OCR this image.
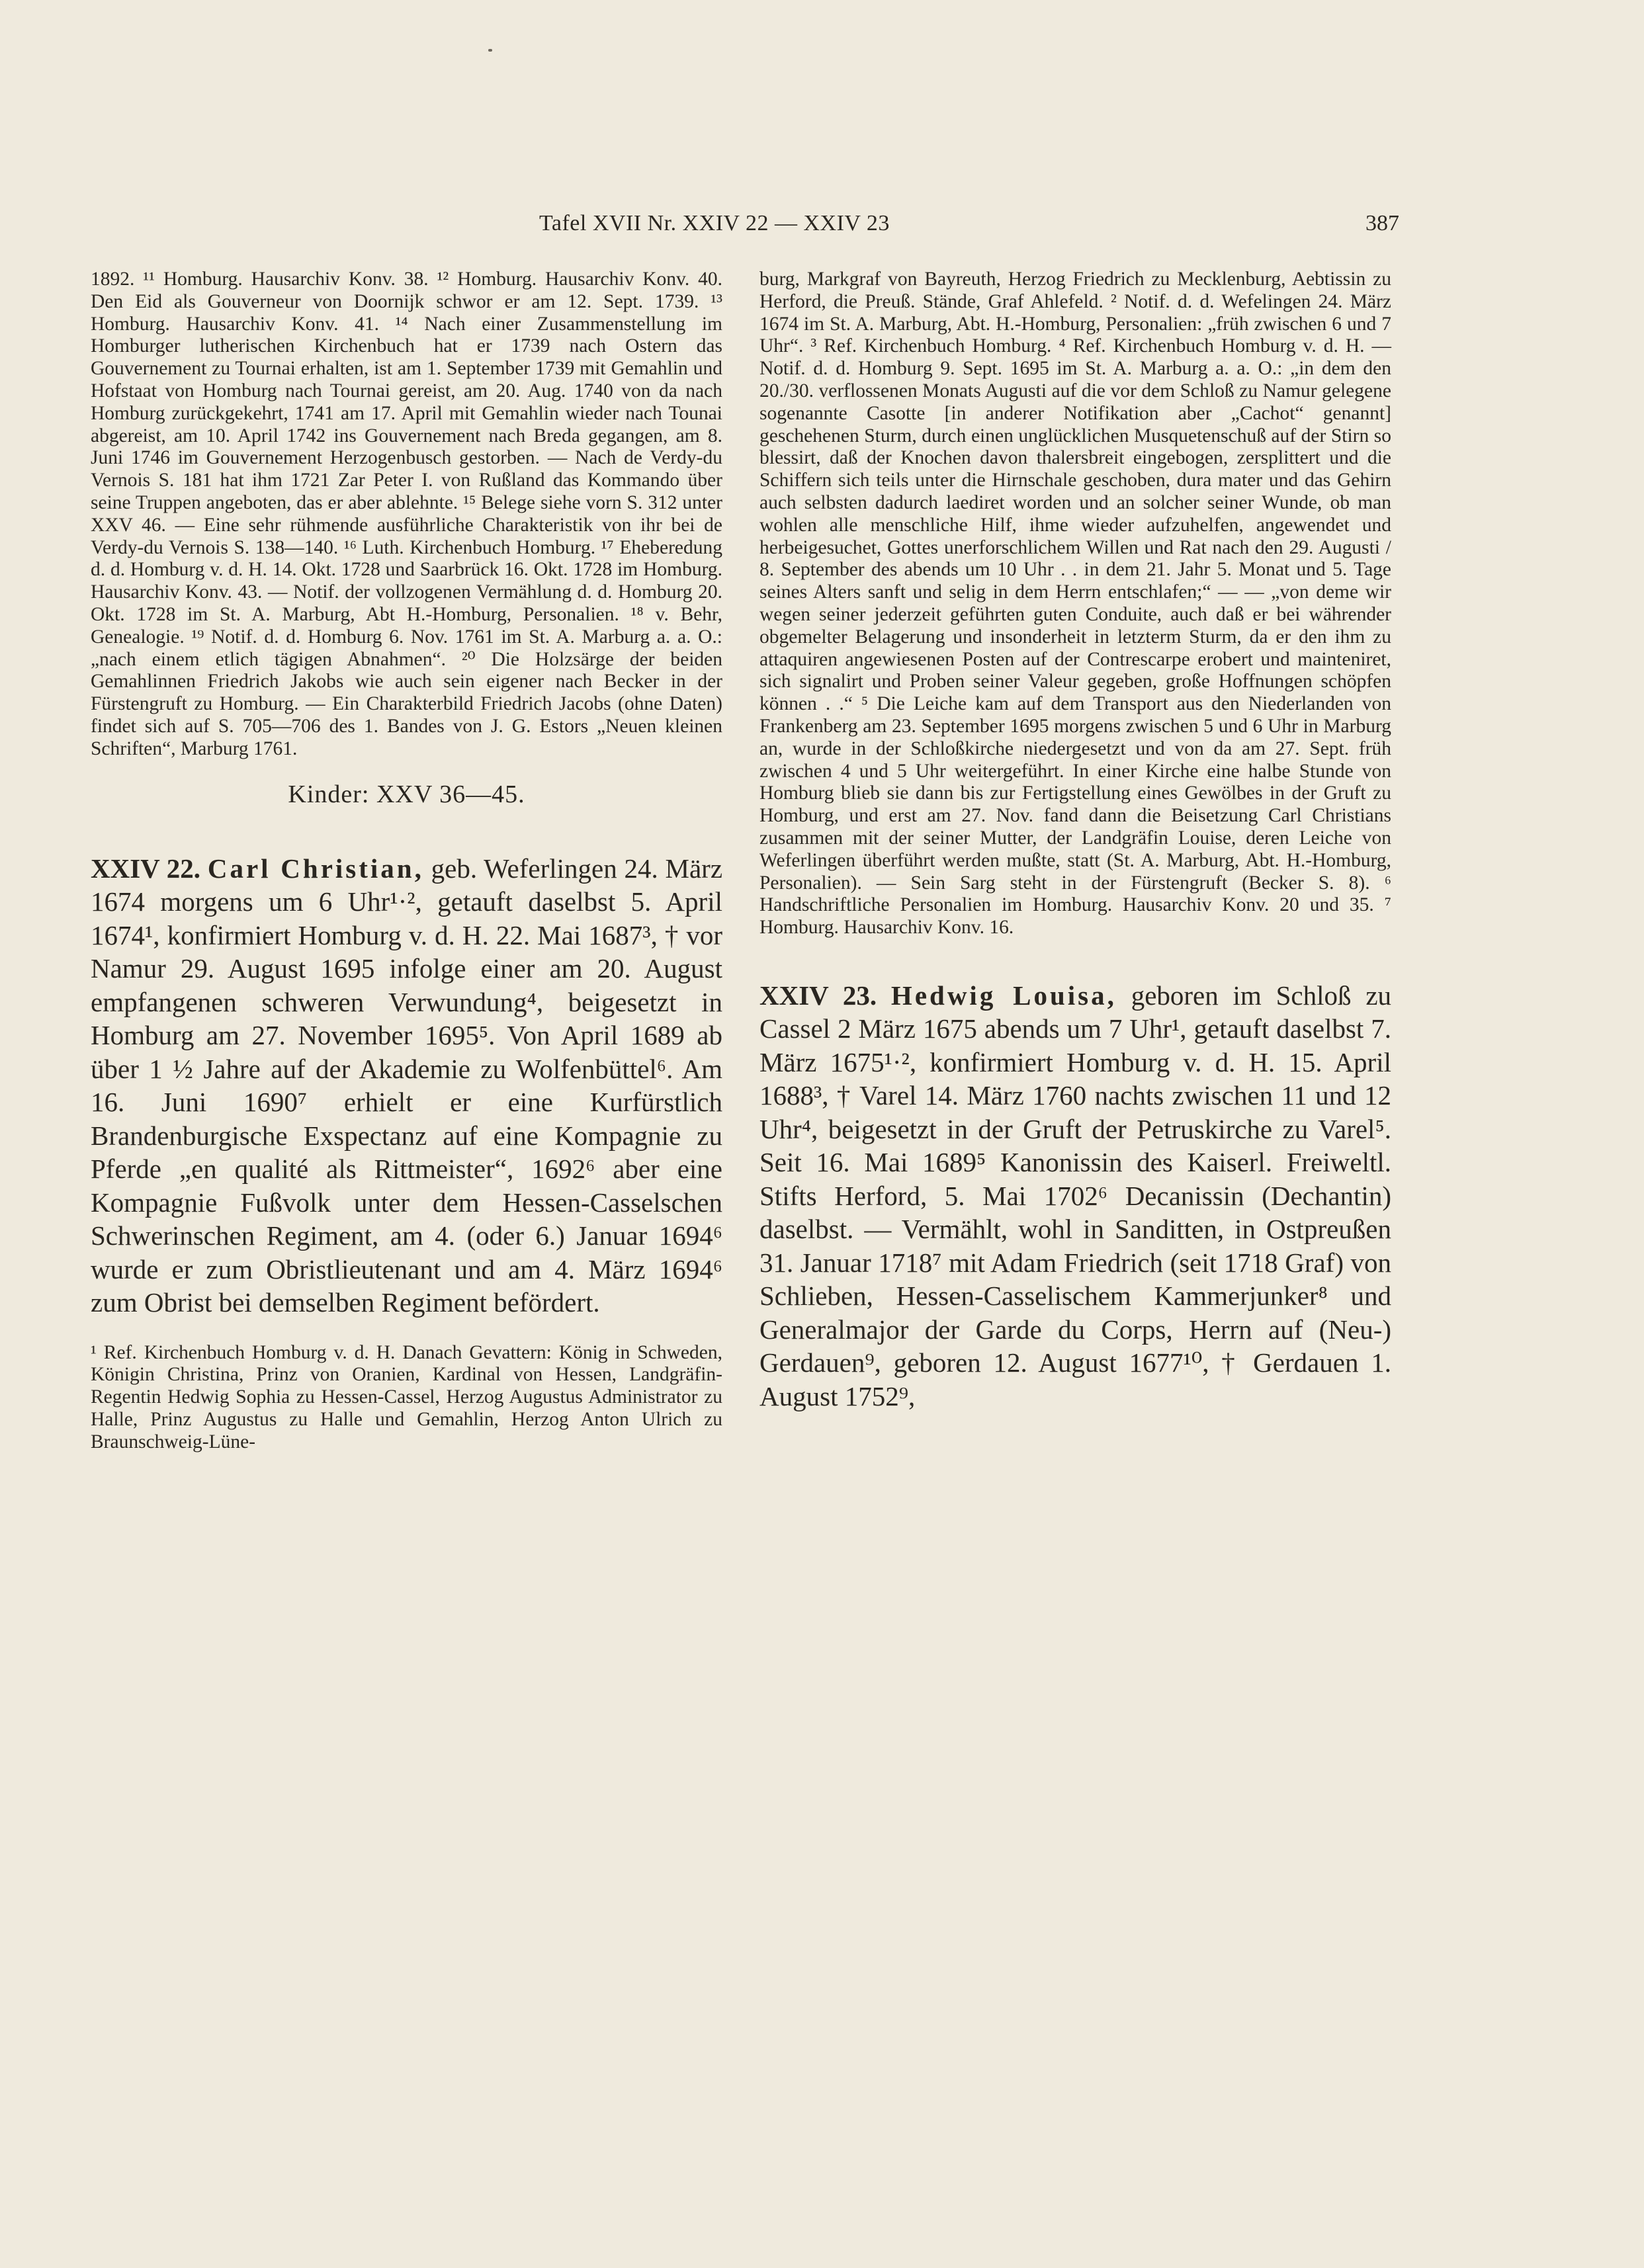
Tafel XVII Nr. XXIV 22 — XXIV 23	387

1892. ¹¹ Homburg. Hausarchiv Konv. 38. ¹² Homburg. Hausarchiv Konv. 40. Den Eid als Gouverneur von Doornijk schwor er am 12. Sept. 1739. ¹³ Homburg. Hausarchiv Konv. 41. ¹⁴ Nach einer Zusammenstellung im Homburger lutherischen Kirchenbuch hat er 1739 nach Ostern das Gouvernement zu Tournai erhalten, ist am 1. September 1739 mit Gemahlin und Hofstaat von Homburg nach Tournai gereist, am 20. Aug. 1740 von da nach Homburg zurückgekehrt, 1741 am 17. April mit Gemahlin wieder nach Tounai abgereist, am 10. April 1742 ins Gouvernement nach Breda gegangen, am 8. Juni 1746 im Gouvernement Herzogenbusch gestorben. — Nach de Verdy-du Vernois S. 181 hat ihm 1721 Zar Peter I. von Rußland das Kommando über seine Truppen angeboten, das er aber ablehnte. ¹⁵ Belege siehe vorn S. 312 unter XXV 46. — Eine sehr rühmende ausführliche Charakteristik von ihr bei de Verdy-du Vernois S. 138—140. ¹⁶ Luth. Kirchenbuch Homburg. ¹⁷ Eheberedung d. d. Homburg v. d. H. 14. Okt. 1728 und Saarbrück 16. Okt. 1728 im Homburg. Hausarchiv Konv. 43. — Notif. der vollzogenen Vermählung d. d. Homburg 20. Okt. 1728 im St. A. Marburg, Abt H.-Homburg, Personalien. ¹⁸ v. Behr, Genealogie. ¹⁹ Notif. d. d. Homburg 6. Nov. 1761 im St. A. Marburg a. a. O.: „nach einem etlich tägigen Abnahmen“. ²⁰ Die Holzsärge der beiden Gemahlinnen Friedrich Jakobs wie auch sein eigener nach Becker in der Fürstengruft zu Homburg. — Ein Charakterbild Friedrich Jacobs (ohne Daten) findet sich auf S. 705—706 des 1. Bandes von J. G. Estors „Neuen kleinen Schriften“, Marburg 1761.

Kinder: XXV 36—45.

XXIV 22. Carl Christian, geb. Weferlingen 24. März 1674 morgens um 6 Uhr¹·², getauft daselbst 5. April 1674¹, konfirmiert Homburg v. d. H. 22. Mai 1687³, † vor Namur 29. August 1695 infolge einer am 20. August empfangenen schweren Verwundung⁴, beigesetzt in Homburg am 27. November 1695⁵. Von April 1689 ab über 1 ½ Jahre auf der Akademie zu Wolfenbüttel⁶. Am 16. Juni 1690⁷ erhielt er eine Kurfürstlich Brandenburgische Exspectanz auf eine Kompagnie zu Pferde „en qualité als Rittmeister“, 1692⁶ aber eine Kompagnie Fußvolk unter dem Hessen-Casselschen Schwerinschen Regiment, am 4. (oder 6.) Januar 1694⁶ wurde er zum Obristlieutenant und am 4. März 1694⁶ zum Obrist bei demselben Regiment befördert.

¹ Ref. Kirchenbuch Homburg v. d. H. Danach Gevattern: König in Schweden, Königin Christina, Prinz von Oranien, Kardinal von Hessen, Landgräfin-Regentin Hedwig Sophia zu Hessen-Cassel, Herzog Augustus Administrator zu Halle, Prinz Augustus zu Halle und Gemahlin, Herzog Anton Ulrich zu Braunschweig-Lüne-

burg, Markgraf von Bayreuth, Herzog Friedrich zu Mecklenburg, Aebtissin zu Herford, die Preuß. Stände, Graf Ahlefeld. ² Notif. d. d. Wefelingen 24. März 1674 im St. A. Marburg, Abt. H.-Homburg, Personalien: „früh zwischen 6 und 7 Uhr“. ³ Ref. Kirchenbuch Homburg. ⁴ Ref. Kirchenbuch Homburg v. d. H. — Notif. d. d. Homburg 9. Sept. 1695 im St. A. Marburg a. a. O.: „in dem den 20./30. verflossenen Monats Augusti auf die vor dem Schloß zu Namur gelegene sogenannte Casotte [in anderer Notifikation aber „Cachot“ genannt] geschehenen Sturm, durch einen unglücklichen Musquetenschuß auf der Stirn so blessirt, daß der Knochen davon thalersbreit eingebogen, zersplittert und die Schiffern sich teils unter die Hirnschale geschoben, dura mater und das Gehirn auch selbsten dadurch laediret worden und an solcher seiner Wunde, ob man wohlen alle menschliche Hilf, ihme wieder aufzuhelfen, angewendet und herbeigesuchet, Gottes unerforschlichem Willen und Rat nach den 29. Augusti / 8. September des abends um 10 Uhr . . in dem 21. Jahr 5. Monat und 5. Tage seines Alters sanft und selig in dem Herrn entschlafen;“ — — „von deme wir wegen seiner jederzeit geführten guten Conduite, auch daß er bei währender obgemelter Belagerung und insonderheit in letzterm Sturm, da er den ihm zu attaquiren angewiesenen Posten auf der Contrescarpe erobert und mainteniret, sich signalirt und Proben seiner Valeur gegeben, große Hoffnungen schöpfen können . .“ ⁵ Die Leiche kam auf dem Transport aus den Niederlanden von Frankenberg am 23. September 1695 morgens zwischen 5 und 6 Uhr in Marburg an, wurde in der Schloßkirche niedergesetzt und von da am 27. Sept. früh zwischen 4 und 5 Uhr weitergeführt. In einer Kirche eine halbe Stunde von Homburg blieb sie dann bis zur Fertigstellung eines Gewölbes in der Gruft zu Homburg, und erst am 27. Nov. fand dann die Beisetzung Carl Christians zusammen mit der seiner Mutter, der Landgräfin Louise, deren Leiche von Weferlingen überführt werden mußte, statt (St. A. Marburg, Abt. H.-Homburg, Personalien). — Sein Sarg steht in der Fürstengruft (Becker S. 8). ⁶ Handschriftliche Personalien im Homburg. Hausarchiv Konv. 20 und 35. ⁷ Homburg. Hausarchiv Konv. 16.

XXIV 23. Hedwig Louisa, geboren im Schloß zu Cassel 2 März 1675 abends um 7 Uhr¹, getauft daselbst 7. März 1675¹·², konfirmiert Homburg v. d. H. 15. April 1688³, † Varel 14. März 1760 nachts zwischen 11 und 12 Uhr⁴, beigesetzt in der Gruft der Petruskirche zu Varel⁵. Seit 16. Mai 1689⁵ Kanonissin des Kaiserl. Freiweltl. Stifts Herford, 5. Mai 1702⁶ Decanissin (Dechantin) daselbst. — Vermählt, wohl in Sanditten, in Ostpreußen 31. Januar 1718⁷ mit Adam Friedrich (seit 1718 Graf) von Schlieben, Hessen-Casselischem Kammerjunker⁸ und Generalmajor der Garde du Corps, Herrn auf (Neu-) Gerdauen⁹, geboren 12. August 1677¹⁰, † Gerdauen 1. August 1752⁹,
